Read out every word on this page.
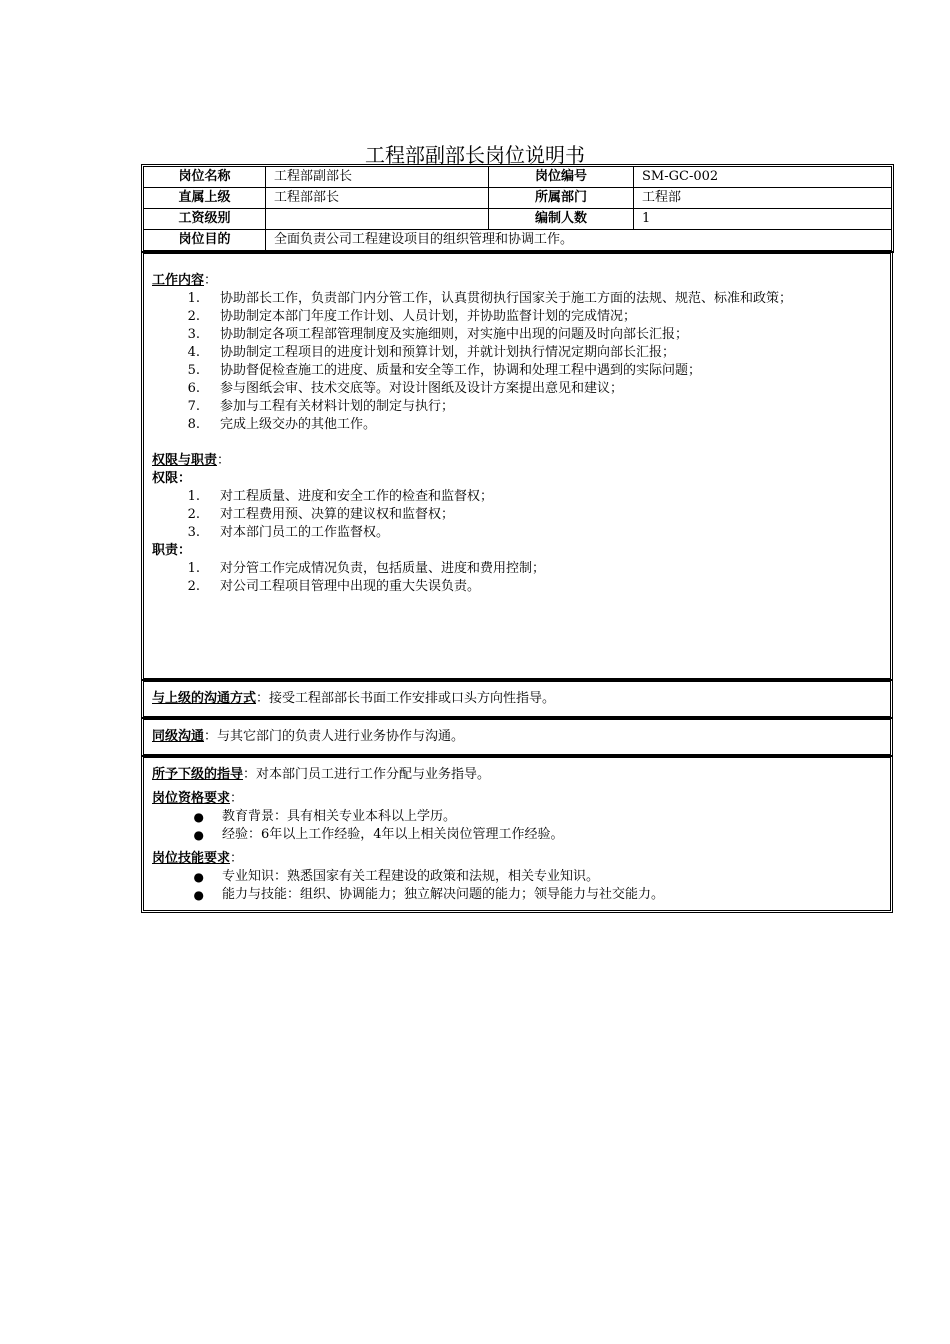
工程部副部长岗位说明书
岗位名称	工程部副部长	岗位编号	SM-GC-002
直属上级	工程部部长	所属部门	工程部
工资级别		编制人数	1
岗位目的	全面负责公司工程建设项目的组织管理和协调工作。		
工作内容：
1.	协助部长工作，负责部门内分管工作，认真贯彻执行国家关于施工方面的法规、规范、标准和政策；
2.	协助制定本部门年度工作计划、人员计划，并协助监督计划的完成情况；
3.	协助制定各项工程部管理制度及实施细则，对实施中出现的问题及时向部长汇报；
4.	协助制定工程项目的进度计划和预算计划，并就计划执行情况定期向部长汇报；
5.	协助督促检查施工的进度、质量和安全等工作，协调和处理工程中遇到的实际问题；
6.	参与图纸会审、技术交底等。对设计图纸及设计方案提出意见和建议；
7.	参加与工程有关材料计划的制定与执行；
8.	完成上级交办的其他工作。
权限与职责：
权限：
1.	对工程质量、进度和安全工作的检查和监督权；
2.	对工程费用预、决算的建议权和监督权；
3.	对本部门员工的工作监督权。
职责：
1.	对分管工作完成情况负责，包括质量、进度和费用控制；
2.	对公司工程项目管理中出现的重大失误负责。
与上级的沟通方式：接受工程部部长书面工作安排或口头方向性指导。
同级沟通：与其它部门的负责人进行业务协作与沟通。
所予下级的指导：对本部门员工进行工作分配与业务指导。
岗位资格要求：
●	教育背景：具有相关专业本科以上学历。
●	经验：6年以上工作经验，4年以上相关岗位管理工作经验。
岗位技能要求：
●	专业知识：熟悉国家有关工程建设的政策和法规，相关专业知识。
●	能力与技能：组织、协调能力；独立解决问题的能力；领导能力与社交能力。
